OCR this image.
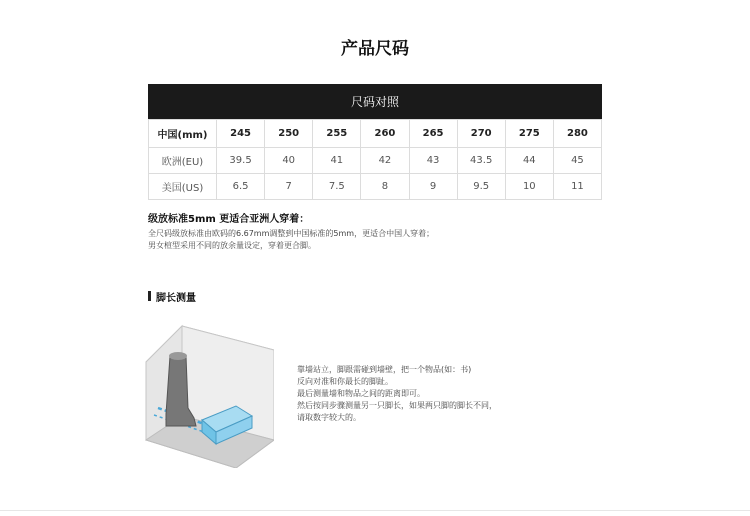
产品尺码
尺码对照
中国(mm)	245	250	255	260	265	270	275	280
欧洲(EU)	39.5	40	41	42	43	43.5	44	45
美国(US)	6.5	7	7.5	8	9	9.5	10	11
级放标准5mm 更适合亚洲人穿着：
全尺码级放标准由欧码的6.67mm调整到中国标准的5mm，更适合中国人穿着；
男女楦型采用不同的放余量设定，穿着更合脚。
脚长测量
靠墙站立，脚跟需碰到墙壁，把一个物品(如：书)
反向对准和你最长的脚趾。
最后测量墙和物品之间的距离即可。
然后按同步骤测量另一只脚长，如果两只脚的脚长不同，
请取数字较大的。
